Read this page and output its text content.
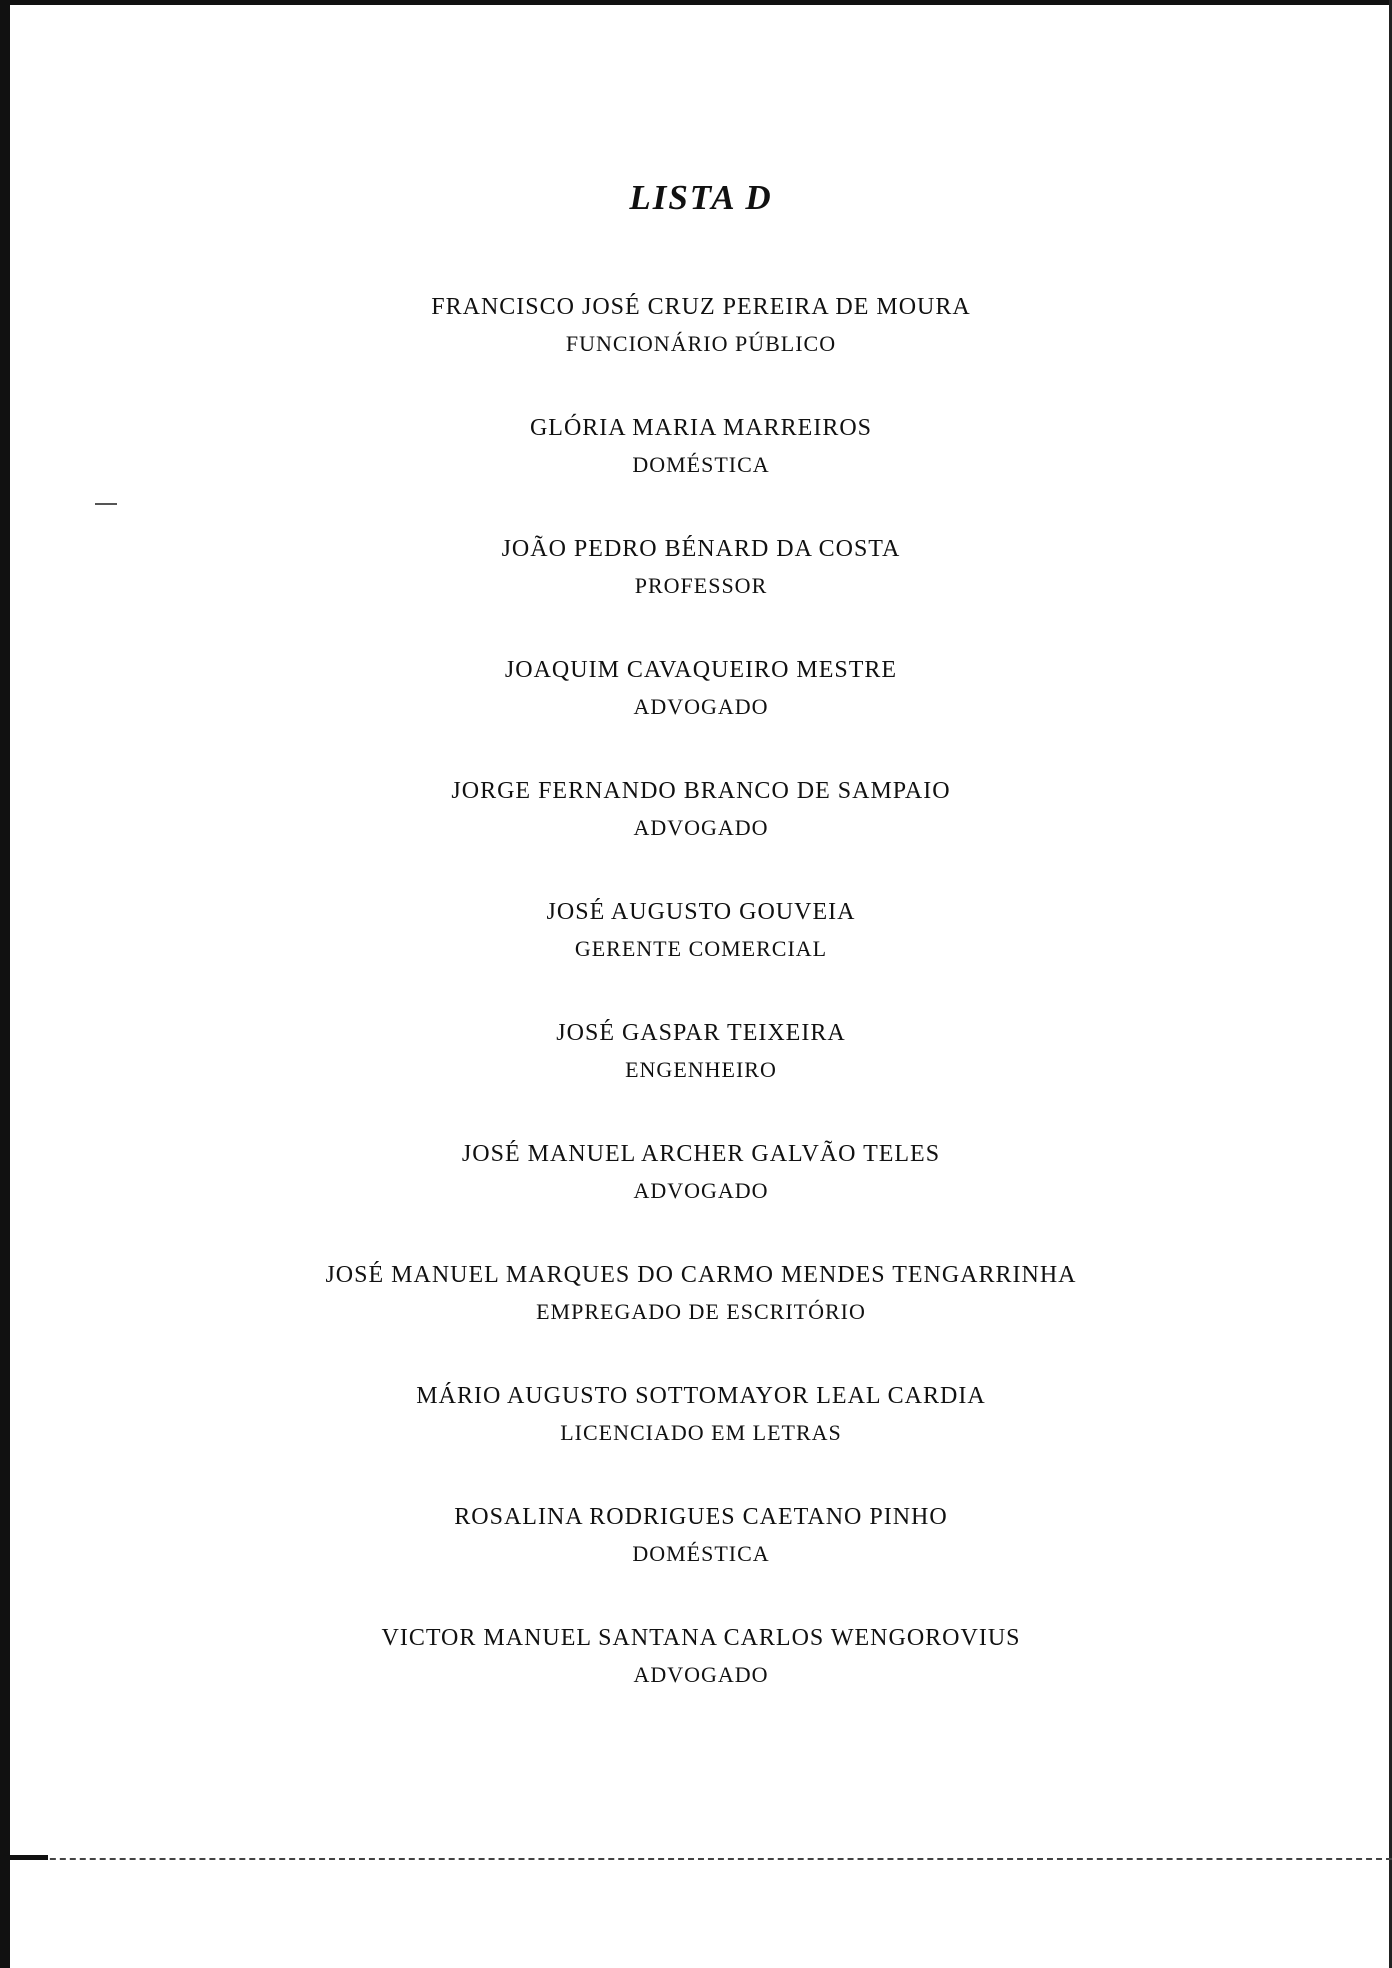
LISTA D
FRANCISCO JOSÉ CRUZ PEREIRA DE MOURA
FUNCIONÁRIO PÚBLICO
GLÓRIA MARIA MARREIROS
DOMÉSTICA
JOÃO PEDRO BÉNARD DA COSTA
PROFESSOR
JOAQUIM CAVAQUEIRO MESTRE
ADVOGADO
JORGE FERNANDO BRANCO DE SAMPAIO
ADVOGADO
JOSÉ AUGUSTO GOUVEIA
GERENTE COMERCIAL
JOSÉ GASPAR TEIXEIRA
ENGENHEIRO
JOSÉ MANUEL ARCHER GALVÃO TELES
ADVOGADO
JOSÉ MANUEL MARQUES DO CARMO MENDES TENGARRINHA
EMPREGADO DE ESCRITÓRIO
MÁRIO AUGUSTO SOTTOMAYOR LEAL CARDIA
LICENCIADO EM LETRAS
ROSALINA RODRIGUES CAETANO PINHO
DOMÉSTICA
VICTOR MANUEL SANTANA CARLOS WENGOROVIUS
ADVOGADO
